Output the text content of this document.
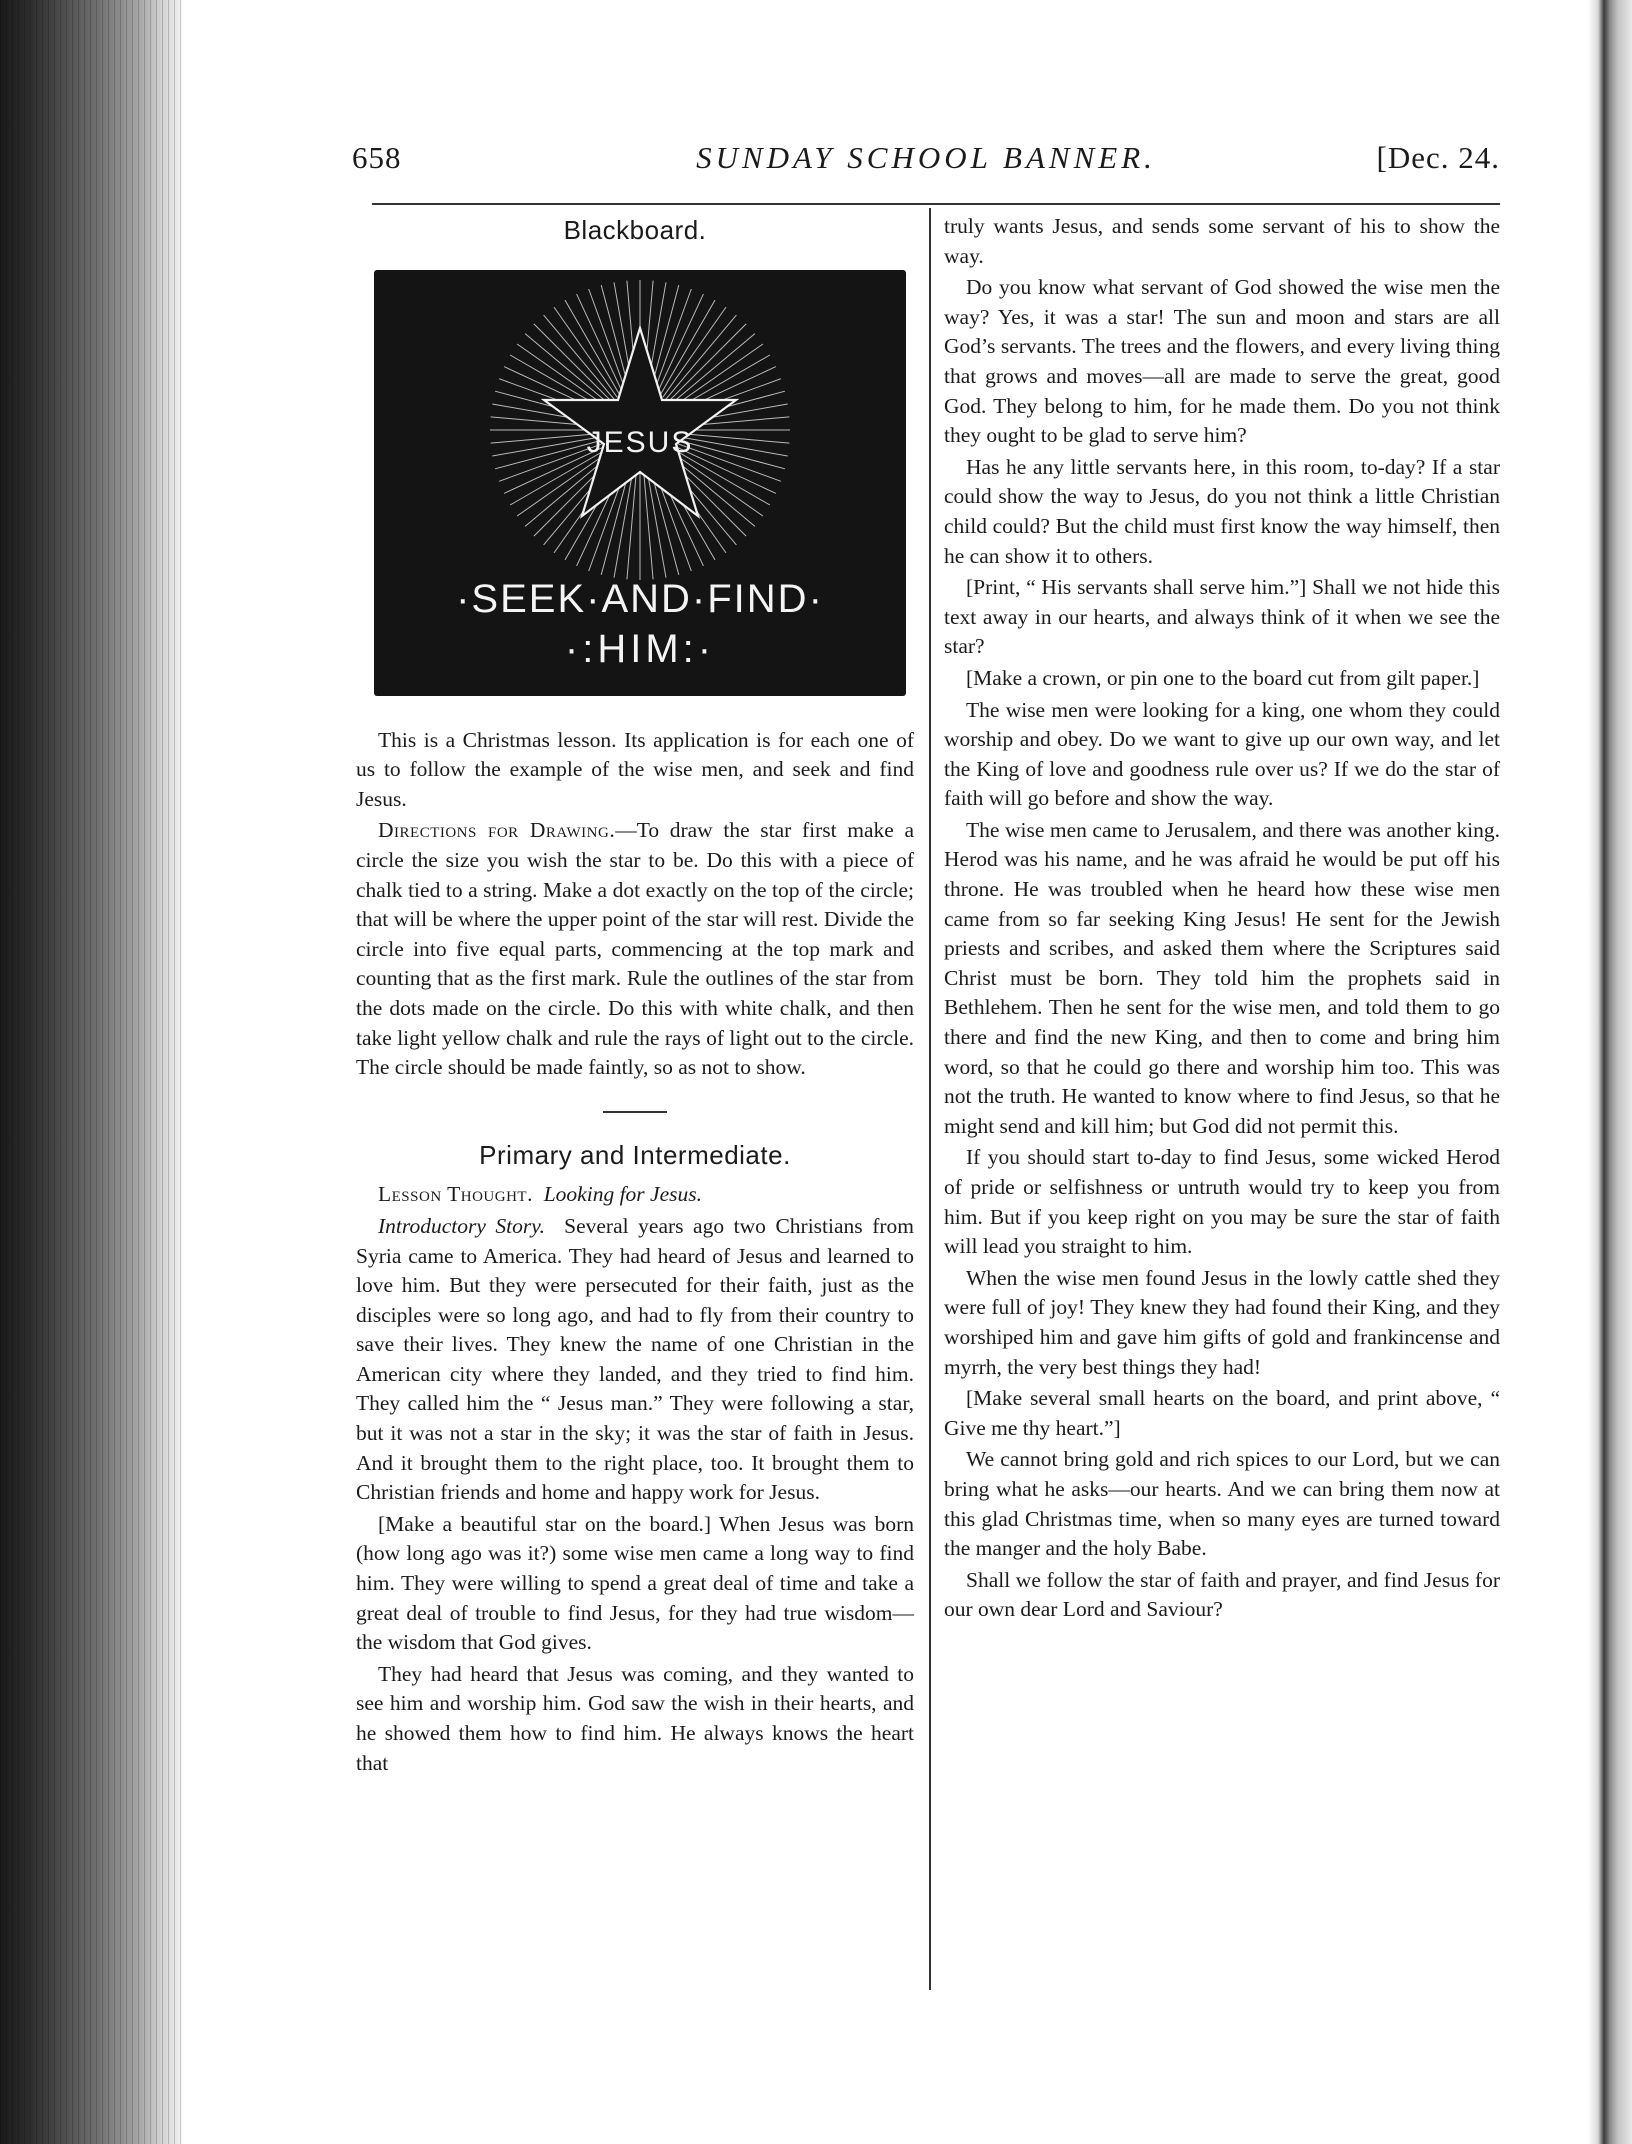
658	SUNDAY SCHOOL BANNER.	[Dec. 24.
Blackboard.
JESUS
·SEEK·AND·FIND·
·:HIM:·

This is a Christmas lesson. Its application is for each one of us to follow the example of the wise men, and seek and find Jesus.

Directions for Drawing.—To draw the star first make a circle the size you wish the star to be. Do this with a piece of chalk tied to a string. Make a dot exactly on the top of the circle; that will be where the upper point of the star will rest. Divide the circle into five equal parts, commencing at the top mark and counting that as the first mark. Rule the outlines of the star from the dots made on the circle. Do this with white chalk, and then take light yellow chalk and rule the rays of light out to the circle. The circle should be made faintly, so as not to show.

Primary and Intermediate.

Lesson Thought. Looking for Jesus.

Introductory Story. Several years ago two Christians from Syria came to America. They had heard of Jesus and learned to love him. But they were persecuted for their faith, just as the disciples were so long ago, and had to fly from their country to save their lives. They knew the name of one Christian in the American city where they landed, and they tried to find him. They called him the “ Jesus man.” They were following a star, but it was not a star in the sky; it was the star of faith in Jesus. And it brought them to the right place, too. It brought them to Christian friends and home and happy work for Jesus.

[Make a beautiful star on the board.] When Jesus was born (how long ago was it?) some wise men came a long way to find him. They were willing to spend a great deal of time and take a great deal of trouble to find Jesus, for they had true wisdom—the wisdom that God gives.

They had heard that Jesus was coming, and they wanted to see him and worship him. God saw the wish in their hearts, and he showed them how to find him. He always knows the heart that

truly wants Jesus, and sends some servant of his to show the way.

Do you know what servant of God showed the wise men the way? Yes, it was a star! The sun and moon and stars are all God’s servants. The trees and the flowers, and every living thing that grows and moves—all are made to serve the great, good God. They belong to him, for he made them. Do you not think they ought to be glad to serve him?

Has he any little servants here, in this room, to-day? If a star could show the way to Jesus, do you not think a little Christian child could? But the child must first know the way himself, then he can show it to others.

[Print, “ His servants shall serve him.”] Shall we not hide this text away in our hearts, and always think of it when we see the star?

[Make a crown, or pin one to the board cut from gilt paper.]

The wise men were looking for a king, one whom they could worship and obey. Do we want to give up our own way, and let the King of love and goodness rule over us? If we do the star of faith will go before and show the way.

The wise men came to Jerusalem, and there was another king. Herod was his name, and he was afraid he would be put off his throne. He was troubled when he heard how these wise men came from so far seeking King Jesus! He sent for the Jewish priests and scribes, and asked them where the Scriptures said Christ must be born. They told him the prophets said in Bethlehem. Then he sent for the wise men, and told them to go there and find the new King, and then to come and bring him word, so that he could go there and worship him too. This was not the truth. He wanted to know where to find Jesus, so that he might send and kill him; but God did not permit this.

If you should start to-day to find Jesus, some wicked Herod of pride or selfishness or untruth would try to keep you from him. But if you keep right on you may be sure the star of faith will lead you straight to him.

When the wise men found Jesus in the lowly cattle shed they were full of joy! They knew they had found their King, and they worshiped him and gave him gifts of gold and frankincense and myrrh, the very best things they had!

[Make several small hearts on the board, and print above, “ Give me thy heart.”]

We cannot bring gold and rich spices to our Lord, but we can bring what he asks—our hearts. And we can bring them now at this glad Christmas time, when so many eyes are turned toward the manger and the holy Babe.

Shall we follow the star of faith and prayer, and find Jesus for our own dear Lord and Saviour?
